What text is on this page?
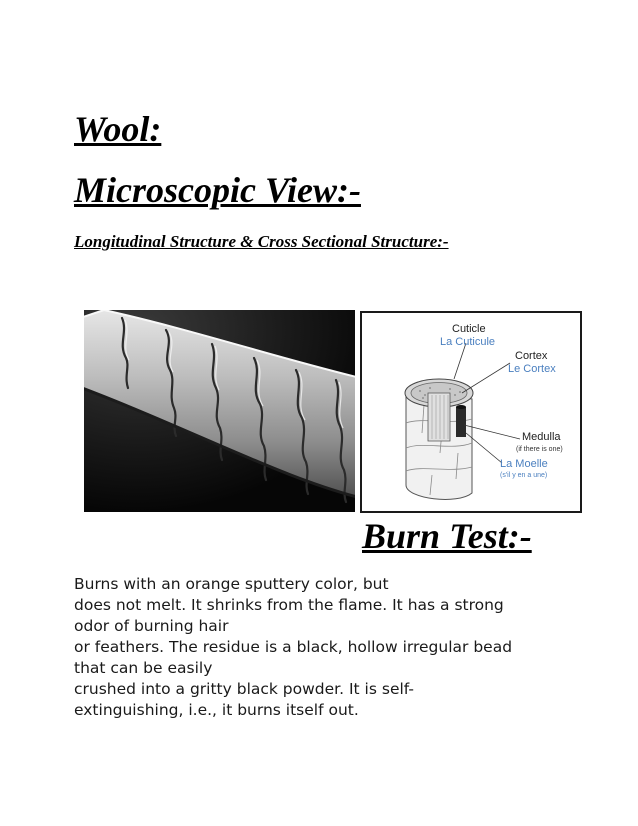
Wool:
Microscopic View:-
Longitudinal Structure & Cross Sectional Structure:-
Cuticle
La Cuticule
Cortex
Le Cortex
Medulla
(if there is one)
La Moelle
(s'il y en a une)
Burn Test:-

Burns with an orange sputtery color, but
does not melt. It shrinks from the flame. It has a strong
odor of burning hair
or feathers. The residue is a black, hollow irregular bead
that can be easily
crushed into a gritty black powder. It is self-
extinguishing, i.e., it burns itself out.
